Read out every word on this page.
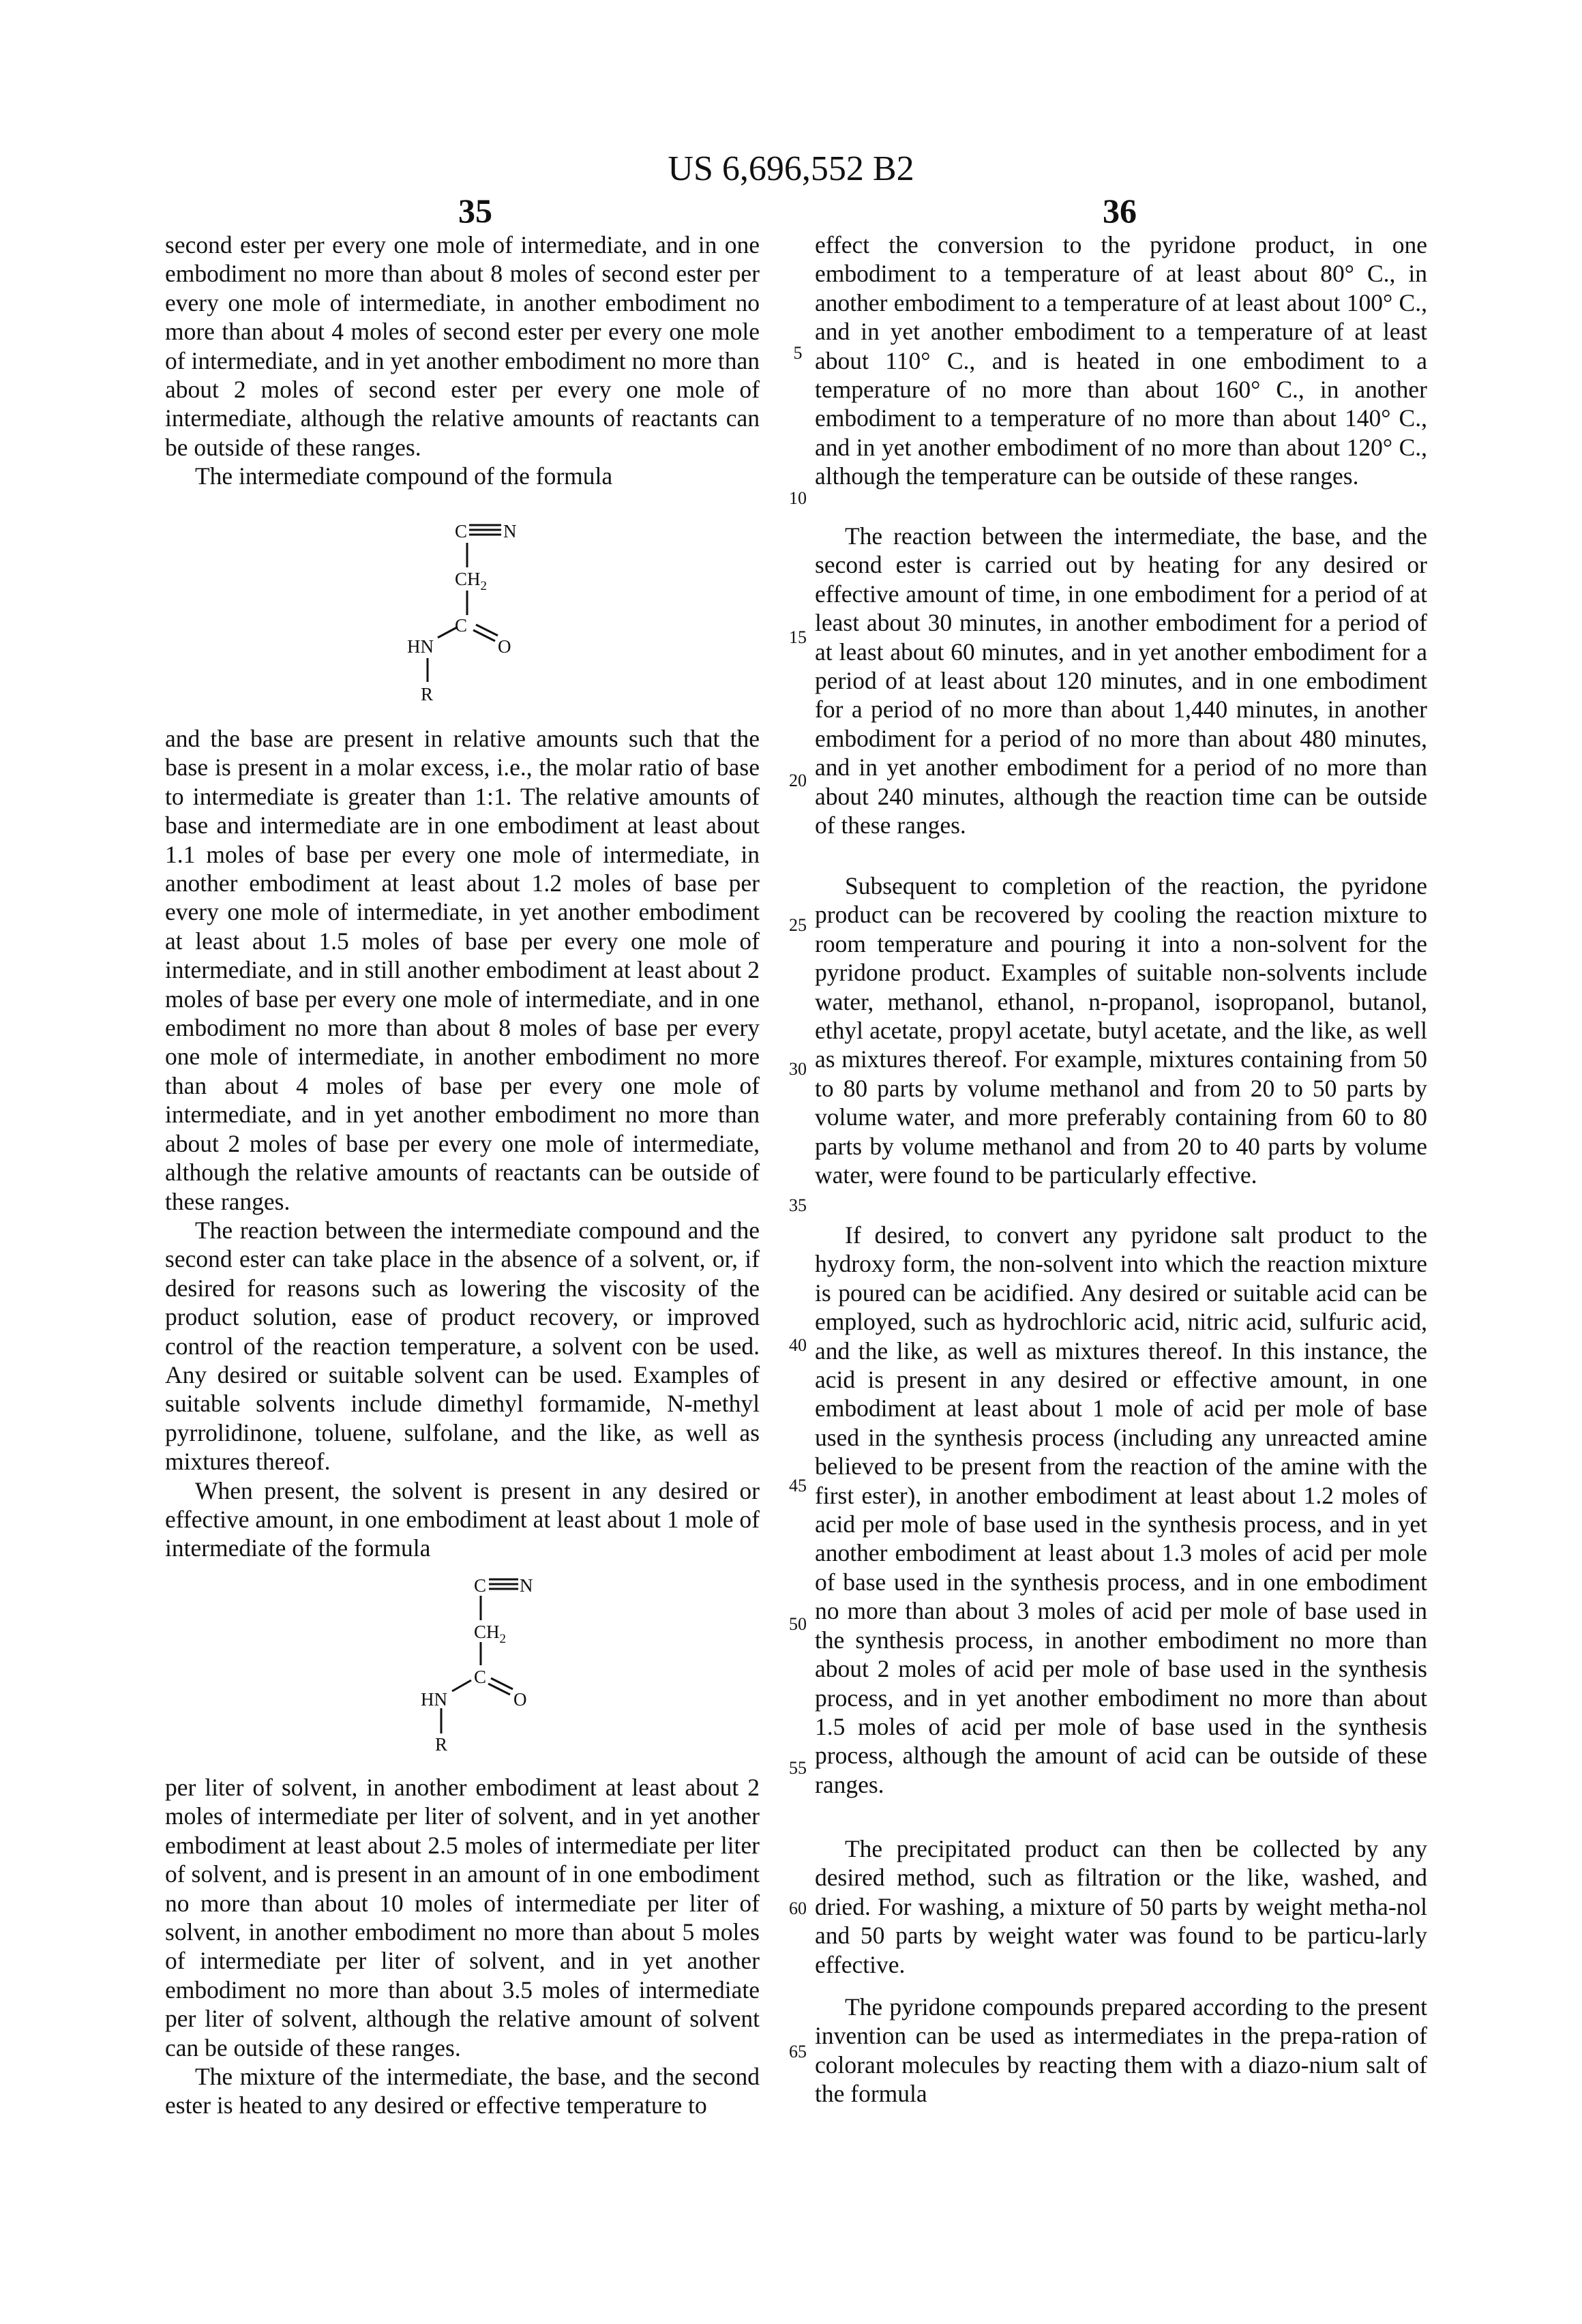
US 6,696,552 B2
35	36

second ester per every one mole of intermediate, and in one embodiment no more than about 8 moles of second ester per every one mole of intermediate, in another embodiment no more than about 4 moles of second ester per every one mole of intermediate, and in yet another embodiment no more than about 2 moles of second ester per every one mole of intermediate, although the relative amounts of reactants can be outside of these ranges.

The intermediate compound of the formula

C N
$CH_2$
C
O
HN
R

and the base are present in relative amounts such that the base is present in a molar excess, i.e., the molar ratio of base to intermediate is greater than 1:1. The relative amounts of base and intermediate are in one embodiment at least about 1.1 moles of base per every one mole of intermediate, in another embodiment at least about 1.2 moles of base per every one mole of intermediate, in yet another embodiment at least about 1.5 moles of base per every one mole of intermediate, and in still another embodiment at least about 2 moles of base per every one mole of intermediate, and in one embodiment no more than about 8 moles of base per every one mole of intermediate, in another embodiment no more than about 4 moles of base per every one mole of intermediate, and in yet another embodiment no more than about 2 moles of base per every one mole of intermediate, although the relative amounts of reactants can be outside of these ranges.

The reaction between the intermediate compound and the second ester can take place in the absence of a solvent, or, if desired for reasons such as lowering the viscosity of the product solution, ease of product recovery, or improved control of the reaction temperature, a solvent con be used. Any desired or suitable solvent can be used. Examples of suitable solvents include dimethyl formamide, N-methyl pyrrolidinone, toluene, sulfolane, and the like, as well as mixtures thereof.

When present, the solvent is present in any desired or effective amount, in one embodiment at least about 1 mole of intermediate of the formula

C N
$CH_2$
C
O
HN
R

per liter of solvent, in another embodiment at least about 2 moles of intermediate per liter of solvent, and in yet another embodiment at least about 2.5 moles of intermediate per liter of solvent, and is present in an amount of in one embodiment no more than about 10 moles of intermediate per liter of solvent, in another embodiment no more than about 5 moles of intermediate per liter of solvent, and in yet another embodiment no more than about 3.5 moles of intermediate per liter of solvent, although the relative amount of solvent can be outside of these ranges.

The mixture of the intermediate, the base, and the second ester is heated to any desired or effective temperature to

5
10
15
20
25
30
35
40
45
50
55
60
65

effect the conversion to the pyridone product, in one embodiment to a temperature of at least about 80° C., in another embodiment to a temperature of at least about 100° C., and in yet another embodiment to a temperature of at least about 110° C., and is heated in one embodiment to a temperature of no more than about 160° C., in another embodiment to a temperature of no more than about 140° C., and in yet another embodiment of no more than about 120° C., although the temperature can be outside of these ranges.

The reaction between the intermediate, the base, and the second ester is carried out by heating for any desired or effective amount of time, in one embodiment for a period of at least about 30 minutes, in another embodiment for a period of at least about 60 minutes, and in yet another embodiment for a period of at least about 120 minutes, and in one embodiment for a period of no more than about 1,440 minutes, in another embodiment for a period of no more than about 480 minutes, and in yet another embodiment for a period of no more than about 240 minutes, although the reaction time can be outside of these ranges.

Subsequent to completion of the reaction, the pyridone product can be recovered by cooling the reaction mixture to room temperature and pouring it into a non-solvent for the pyridone product. Examples of suitable non-solvents include water, methanol, ethanol, n-propanol, isopropanol, butanol, ethyl acetate, propyl acetate, butyl acetate, and the like, as well as mixtures thereof. For example, mixtures containing from 50 to 80 parts by volume methanol and from 20 to 50 parts by volume water, and more preferably containing from 60 to 80 parts by volume methanol and from 20 to 40 parts by volume water, were found to be particularly effective.

If desired, to convert any pyridone salt product to the hydroxy form, the non-solvent into which the reaction mixture is poured can be acidified. Any desired or suitable acid can be employed, such as hydrochloric acid, nitric acid, sulfuric acid, and the like, as well as mixtures thereof. In this instance, the acid is present in any desired or effective amount, in one embodiment at least about 1 mole of acid per mole of base used in the synthesis process (including any unreacted amine believed to be present from the reaction of the amine with the first ester), in another embodiment at least about 1.2 moles of acid per mole of base used in the synthesis process, and in yet another embodiment at least about 1.3 moles of acid per mole of base used in the synthesis process, and in one embodiment no more than about 3 moles of acid per mole of base used in the synthesis process, in another embodiment no more than about 2 moles of acid per mole of base used in the synthesis process, and in yet another embodiment no more than about 1.5 moles of acid per mole of base used in the synthesis process, although the amount of acid can be outside of these ranges.

The precipitated product can then be collected by any desired method, such as filtration or the like, washed, and dried. For washing, a mixture of 50 parts by weight metha-nol and 50 parts by weight water was found to be particu-larly effective.

The pyridone compounds prepared according to the present invention can be used as intermediates in the prepa-ration of colorant molecules by reacting them with a diazo-nium salt of the formula
